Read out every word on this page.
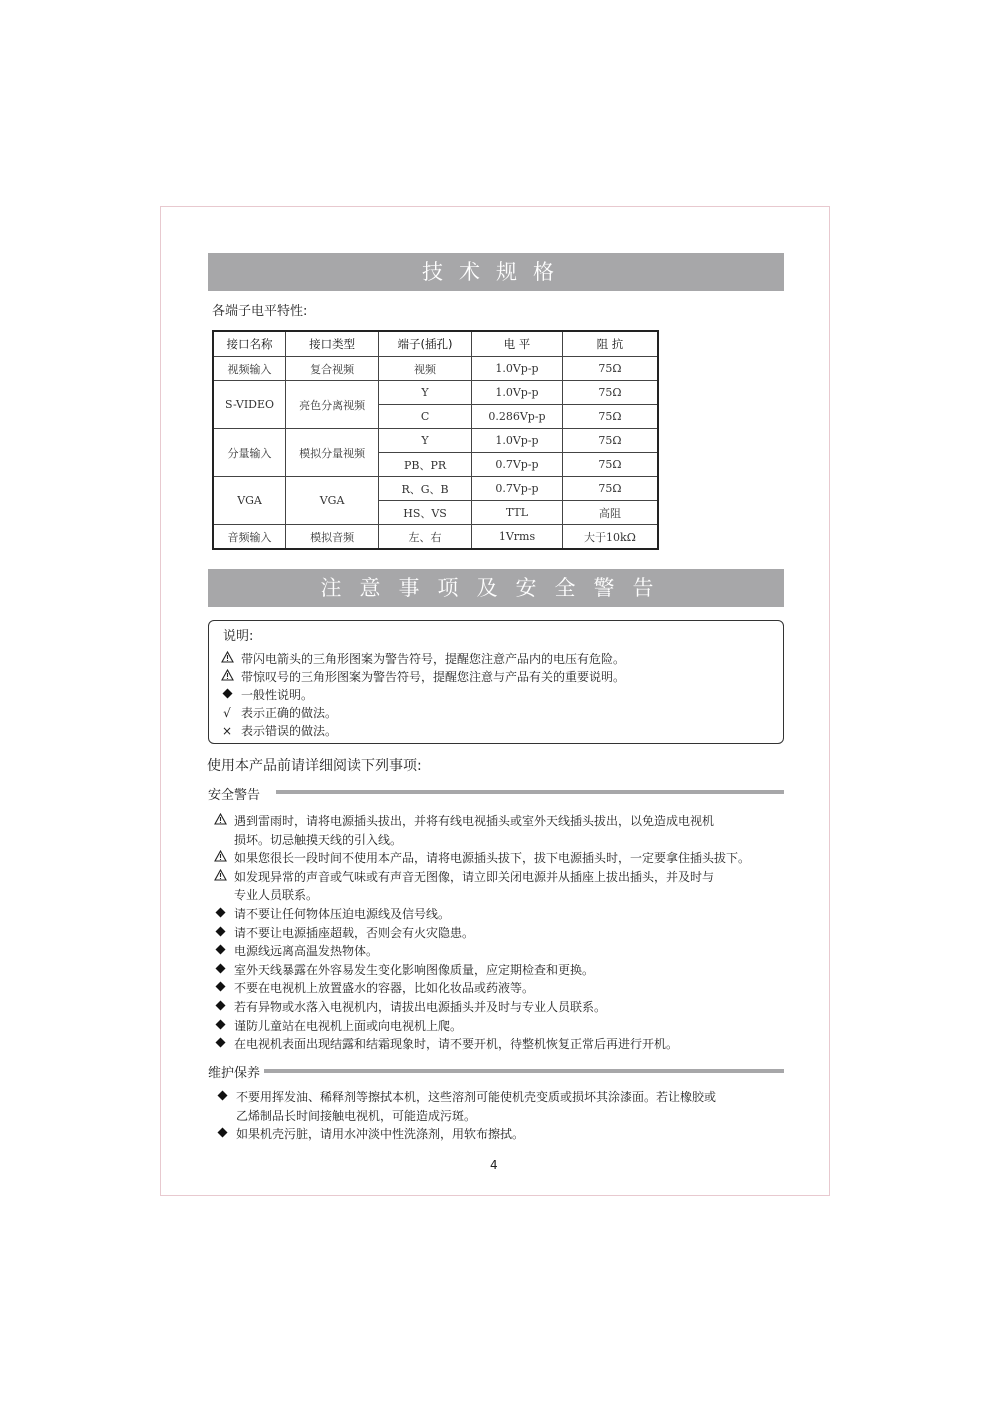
技术规格
各端子电平特性:
接口名称	接口类型	端子(插孔)	电 平	阻 抗
视频输入	复合视频	视频	1.0Vp-p	75Ω
S-VIDEO	亮色分离视频	Y	1.0Vp-p	75Ω
		C	0.286Vp-p	75Ω
分量输入	模拟分量视频	Y	1.0Vp-p	75Ω
		PB、PR	0.7Vp-p	75Ω
VGA	VGA	R、G、B	0.7Vp-p	75Ω
		HS、VS	TTL	高阻
音频输入	模拟音频	左、右	1Vrms	大于10kΩ
注意事项及安全警告
说明:
带闪电箭头的三角形图案为警告符号，提醒您注意产品内的电压有危险。
带惊叹号的三角形图案为警告符号，提醒您注意与产品有关的重要说明。
一般性说明。
√ 表示正确的做法。
× 表示错误的做法。
使用本产品前请详细阅读下列事项:
安全警告
遇到雷雨时，请将电源插头拔出，并将有线电视插头或室外天线插头拔出，以免造成电视机
损坏。切忌触摸天线的引入线。
如果您很长一段时间不使用本产品，请将电源插头拔下，拔下电源插头时，一定要拿住插头拔下。
如发现异常的声音或气味或有声音无图像，请立即关闭电源并从插座上拔出插头，并及时与
专业人员联系。
请不要让任何物体压迫电源线及信号线。
请不要让电源插座超载，否则会有火灾隐患。
电源线远离高温发热物体。
室外天线暴露在外容易发生变化影响图像质量，应定期检查和更换。
不要在电视机上放置盛水的容器，比如化妆品或药液等。
若有异物或水落入电视机内，请拔出电源插头并及时与专业人员联系。
谨防儿童站在电视机上面或向电视机上爬。
在电视机表面出现结露和结霜现象时，请不要开机，待整机恢复正常后再进行开机。
维护保养
不要用挥发油、稀释剂等擦拭本机，这些溶剂可能使机壳变质或损坏其涂漆面。若让橡胶或
乙烯制品长时间接触电视机，可能造成污斑。
如果机壳污脏，请用水冲淡中性洗涤剂，用软布擦拭。
4
